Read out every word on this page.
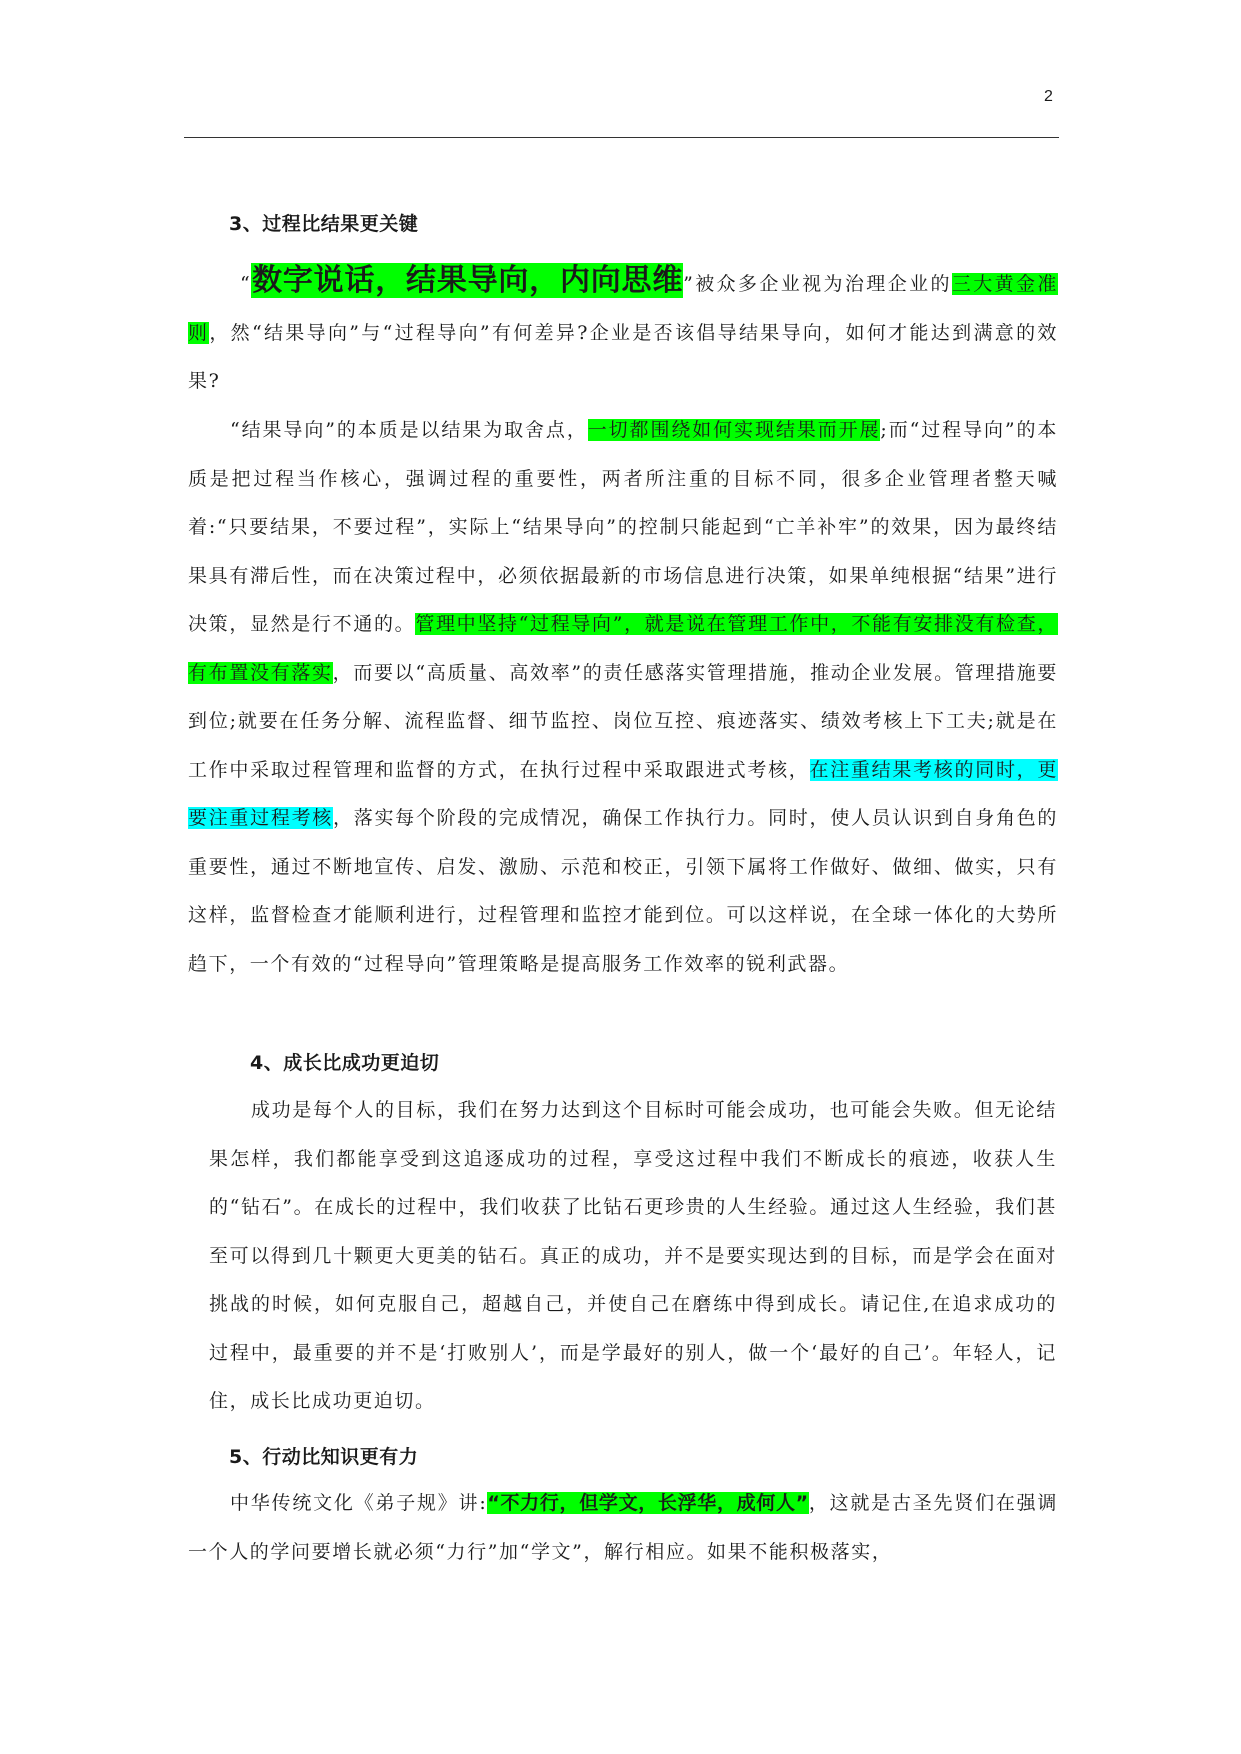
2
3、过程比结果更关键
“数字说话，结果导向，内向思维”被众多企业视为治理企业的三大黄金准则，然“结果导向”与“过程导向”有何差异?企业是否该倡导结果导向，如何才能达到满意的效果?
“结果导向”的本质是以结果为取舍点，一切都围绕如何实现结果而开展;而“过程导向”的本质是把过程当作核心，强调过程的重要性，两者所注重的目标不同，很多企业管理者整天喊着:“只要结果，不要过程”，实际上“结果导向”的控制只能起到“亡羊补牢”的效果，因为最终结果具有滞后性，而在决策过程中，必须依据最新的市场信息进行决策，如果单纯根据“结果”进行决策，显然是行不通的。管理中坚持“过程导向”，就是说在管理工作中，不能有安排没有检查，有布置没有落实，而要以“高质量、高效率”的责任感落实管理措施，推动企业发展。管理措施要到位;就要在任务分解、流程监督、细节监控、岗位互控、痕迹落实、绩效考核上下工夫;就是在工作中采取过程管理和监督的方式，在执行过程中采取跟进式考核，在注重结果考核的同时，更要注重过程考核，落实每个阶段的完成情况，确保工作执行力。同时，使人员认识到自身角色的重要性，通过不断地宣传、启发、激励、示范和校正，引领下属将工作做好、做细、做实，只有这样，监督检查才能顺利进行，过程管理和监控才能到位。可以这样说，在全球一体化的大势所趋下，一个有效的“过程导向”管理策略是提高服务工作效率的锐利武器。
4、成长比成功更迫切
成功是每个人的目标，我们在努力达到这个目标时可能会成功，也可能会失败。但无论结果怎样，我们都能享受到这追逐成功的过程，享受这过程中我们不断成长的痕迹，收获人生的“钻石”。在成长的过程中，我们收获了比钻石更珍贵的人生经验。通过这人生经验，我们甚至可以得到几十颗更大更美的钻石。真正的成功，并不是要实现达到的目标，而是学会在面对挑战的时候，如何克服自己，超越自己，并使自己在磨练中得到成长。请记住,在追求成功的过程中，最重要的并不是‘打败别人’，而是学最好的别人，做一个‘最好的自己’。年轻人，记住，成长比成功更迫切。
5、行动比知识更有力
中华传统文化《弟子规》讲:“不力行，但学文，长浮华，成何人”，这就是古圣先贤们在强调一个人的学问要增长就必须“力行”加“学文”，解行相应。如果不能积极落实，
